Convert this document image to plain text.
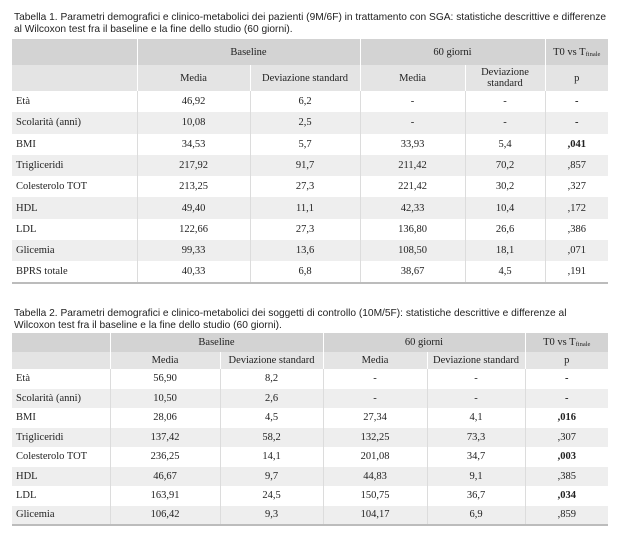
Tabella 1. Parametri demografici e clinico-metabolici dei pazienti (9M/6F) in trattamento con SGA: statistiche descrittive e differenze al Wilcoxon test fra il baseline e la fine dello studio (60 giorni).
	Baseline		60 giorni		T0 vs $T_{finale}$
	Media	Deviazione standard	Media	Deviazione standard	p
Età	46,92	6,2	-	-	-
Scolarità (anni)	10,08	2,5	-	-	-
BMI	34,53	5,7	33,93	5,4	,041
Trigliceridi	217,92	91,7	211,42	70,2	,857
Colesterolo TOT	213,25	27,3	221,42	30,2	,327
HDL	49,40	11,1	42,33	10,4	,172
LDL	122,66	27,3	136,80	26,6	,386
Glicemia	99,33	13,6	108,50	18,1	,071
BPRS totale	40,33	6,8	38,67	4,5	,191
Tabella 2. Parametri demografici e clinico-metabolici dei soggetti di controllo (10M/5F): statistiche descrittive e differenze al Wilcoxon test fra il baseline e la fine dello studio (60 giorni).
	Baseline		60 giorni		T0 vs $T_{finale}$
	Media	Deviazione standard	Media	Deviazione standard	p
Età	56,90	8,2	-	-	-
Scolarità (anni)	10,50	2,6	-	-	-
BMI	28,06	4,5	27,34	4,1	,016
Trigliceridi	137,42	58,2	132,25	73,3	,307
Colesterolo TOT	236,25	14,1	201,08	34,7	,003
HDL	46,67	9,7	44,83	9,1	,385
LDL	163,91	24,5	150,75	36,7	,034
Glicemia	106,42	9,3	104,17	6,9	,859
